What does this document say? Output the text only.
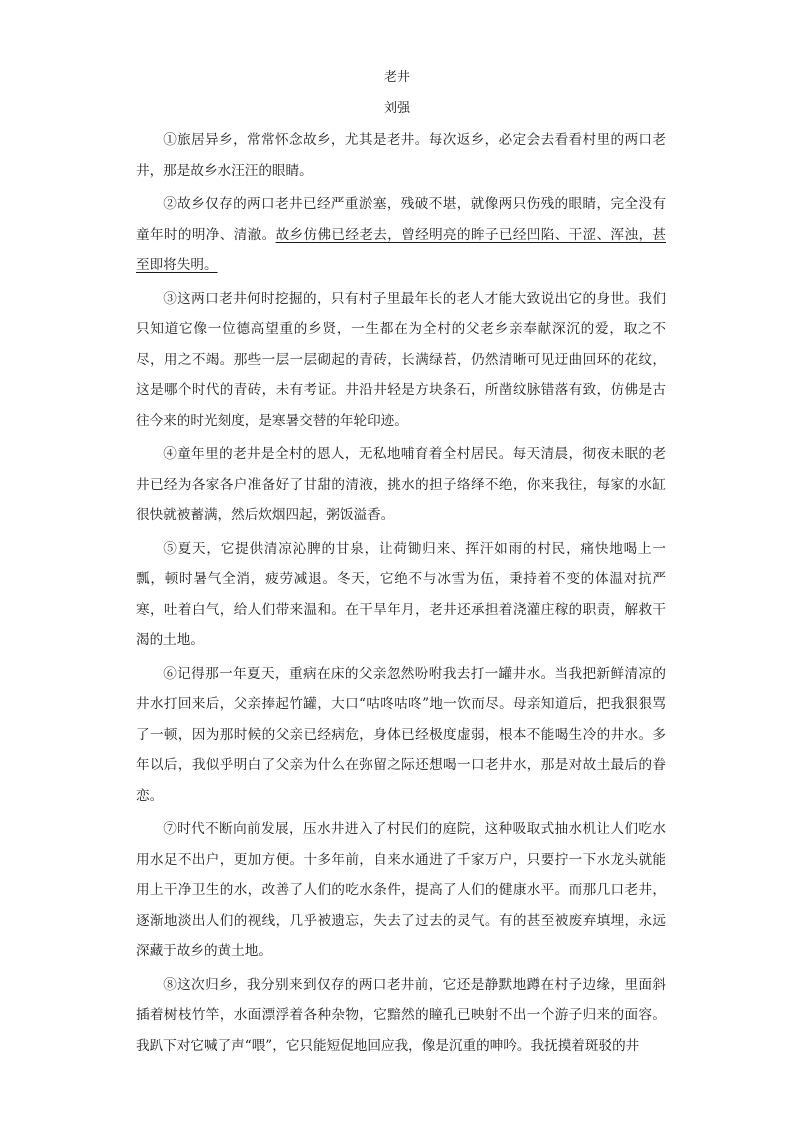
老井
刘强

①旅居异乡，常常怀念故乡，尤其是老井。每次返乡，必定会去看看村里的两口老井，那是故乡水汪汪的眼睛。

②故乡仅存的两口老井已经严重淤塞，残破不堪，就像两只伤残的眼睛，完全没有童年时的明净、清澈。故乡仿佛已经老去，曾经明亮的眸子已经凹陷、干涩、浑浊，甚至即将失明。

③这两口老井何时挖掘的，只有村子里最年长的老人才能大致说出它的身世。我们只知道它像一位德高望重的乡贤，一生都在为全村的父老乡亲奉献深沉的爱，取之不尽，用之不竭。那些一层一层砌起的青砖，长满绿苔，仍然清晰可见迂曲回环的花纹，这是哪个时代的青砖，未有考证。井沿井轻是方块条石，所凿纹脉错落有致，仿佛是古往今来的时光刻度，是寒暑交替的年轮印迹。

④童年里的老井是全村的恩人，无私地哺育着全村居民。每天清晨，彻夜未眠的老井已经为各家各户准备好了甘甜的清液，挑水的担子络绎不绝，你来我往，每家的水缸很快就被蓄满，然后炊烟四起，粥饭溢香。

⑤夏天，它提供清凉沁脾的甘泉，让荷锄归来、挥汗如雨的村民，痛快地喝上一瓢，顿时暑气全消，疲劳减退。冬天，它绝不与冰雪为伍，秉持着不变的体温对抗严寒，吐着白气，给人们带来温和。在干旱年月，老井还承担着浇灌庄稼的职责，解救干渴的土地。

⑥记得那一年夏天，重病在床的父亲忽然吩咐我去打一罐井水。当我把新鲜清凉的井水打回来后，父亲捧起竹罐，大口“咕咚咕咚”地一饮而尽。母亲知道后，把我狠狠骂了一顿，因为那时候的父亲已经病危，身体已经极度虚弱，根本不能喝生冷的井水。多年以后，我似乎明白了父亲为什么在弥留之际还想喝一口老井水，那是对故土最后的眷恋。

⑦时代不断向前发展，压水井进入了村民们的庭院，这种吸取式抽水机让人们吃水用水足不出户，更加方便。十多年前，自来水通进了千家万户，只要拧一下水龙头就能用上干净卫生的水，改善了人们的吃水条件，提高了人们的健康水平。而那几口老井，逐渐地淡出人们的视线，几乎被遗忘，失去了过去的灵气。有的甚至被废弃填埋，永远深藏于故乡的黄土地。

⑧这次归乡，我分别来到仅存的两口老井前，它还是静默地蹲在村子边缘，里面斜插着树枝竹竿，水面漂浮着各种杂物，它黯然的瞳孔已映射不出一个游子归来的面容。我趴下对它喊了声“喂”，它只能短促地回应我，像是沉重的呻吟。我抚摸着斑驳的井
